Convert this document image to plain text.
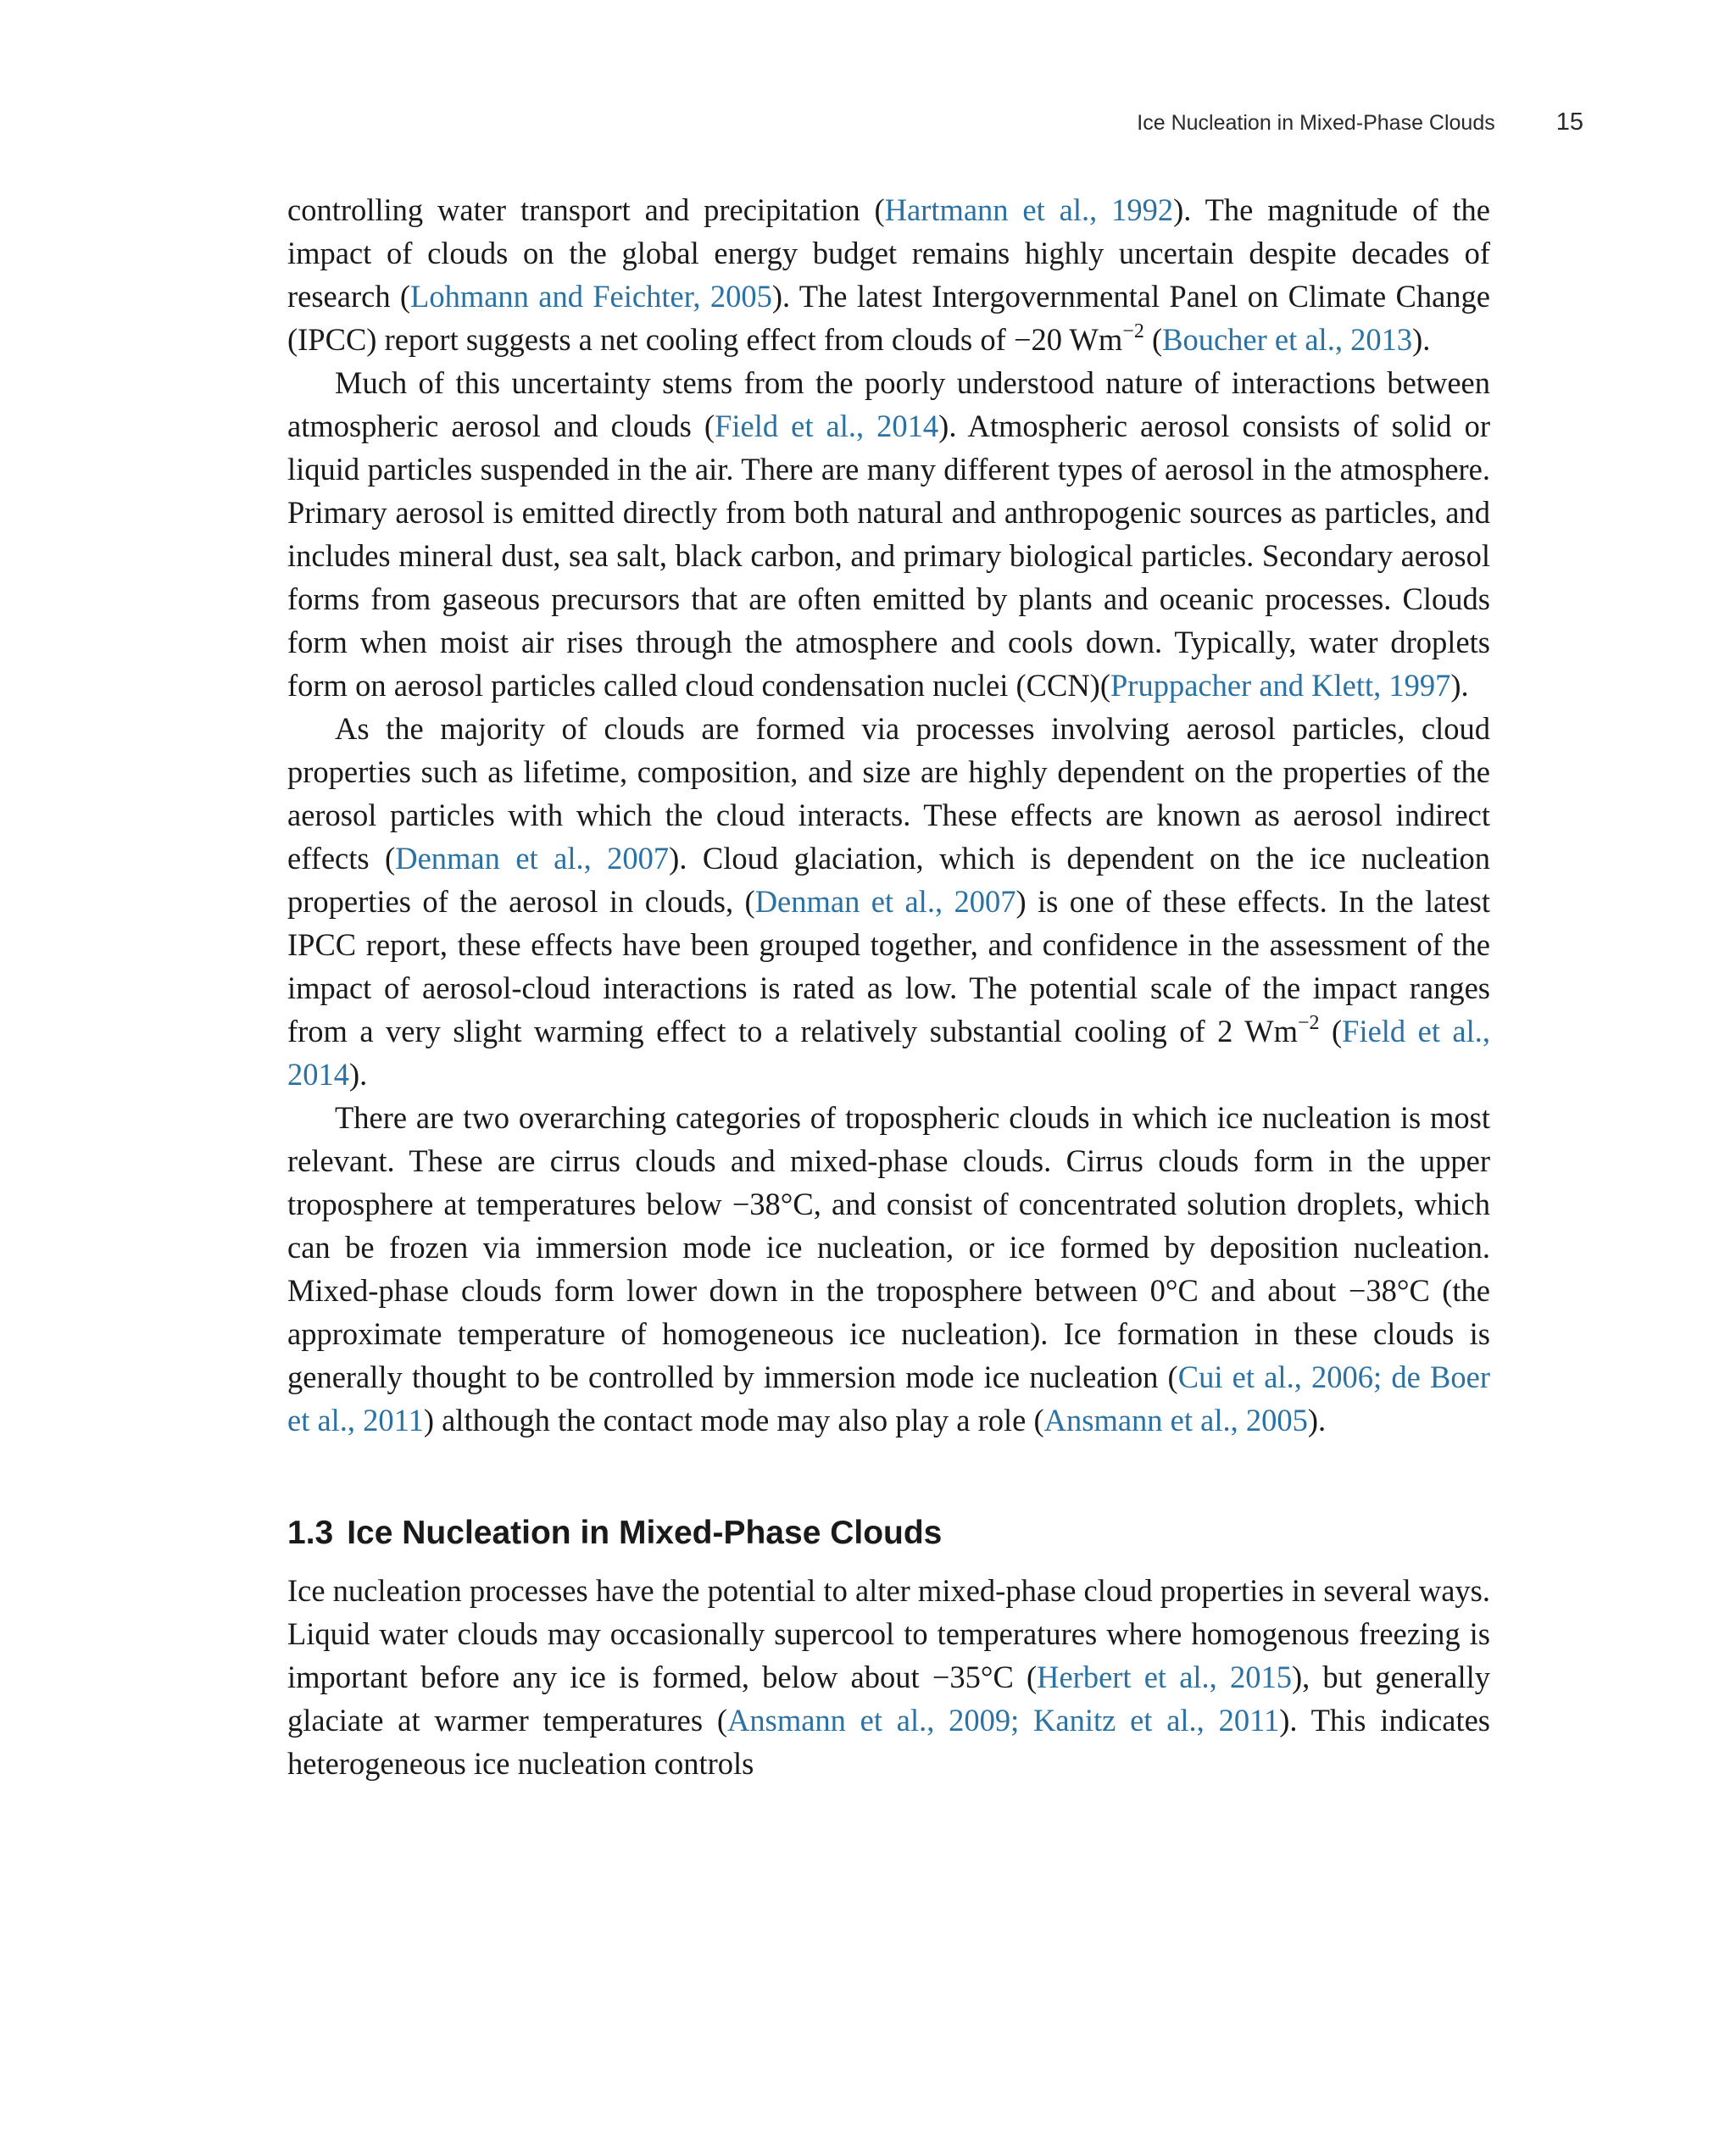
Ice Nucleation in Mixed-Phase Clouds 15

controlling water transport and precipitation (Hartmann et al., 1992). The magnitude of the impact of clouds on the global energy budget remains highly uncertain despite decades of research (Lohmann and Feichter, 2005). The latest Intergovernmental Panel on Climate Change (IPCC) report suggests a net cooling effect from clouds of −20 $Wm^{-2}$ (Boucher et al., 2013).

Much of this uncertainty stems from the poorly understood nature of interactions between atmospheric aerosol and clouds (Field et al., 2014). Atmospheric aerosol consists of solid or liquid particles suspended in the air. There are many different types of aerosol in the atmosphere. Primary aerosol is emitted directly from both natural and anthropogenic sources as particles, and includes mineral dust, sea salt, black carbon, and primary biological particles. Secondary aerosol forms from gaseous precursors that are often emitted by plants and oceanic processes. Clouds form when moist air rises through the atmosphere and cools down. Typically, water droplets form on aerosol particles called cloud condensation nuclei (CCN)(Pruppacher and Klett, 1997).

As the majority of clouds are formed via processes involving aerosol particles, cloud properties such as lifetime, composition, and size are highly dependent on the properties of the aerosol particles with which the cloud interacts. These effects are known as aerosol indirect effects (Denman et al., 2007). Cloud glaciation, which is dependent on the ice nucleation properties of the aerosol in clouds, (Denman et al., 2007) is one of these effects. In the latest IPCC report, these effects have been grouped together, and confidence in the assessment of the impact of aerosol-cloud interactions is rated as low. The potential scale of the impact ranges from a very slight warming effect to a relatively substantial cooling of 2 $Wm^{-2}$ (Field et al., 2014).

There are two overarching categories of tropospheric clouds in which ice nucleation is most relevant. These are cirrus clouds and mixed-phase clouds. Cirrus clouds form in the upper troposphere at temperatures below −38°C, and consist of concentrated solution droplets, which can be frozen via immersion mode ice nucleation, or ice formed by deposition nucleation. Mixed-phase clouds form lower down in the troposphere between 0°C and about −38°C (the approximate temperature of homogeneous ice nucleation). Ice formation in these clouds is generally thought to be controlled by immersion mode ice nucleation (Cui et al., 2006; de Boer et al., 2011) although the contact mode may also play a role (Ansmann et al., 2005).

1.3 Ice Nucleation in Mixed-Phase Clouds

Ice nucleation processes have the potential to alter mixed-phase cloud properties in several ways. Liquid water clouds may occasionally supercool to temperatures where homogenous freezing is important before any ice is formed, below about −35°C (Herbert et al., 2015), but generally glaciate at warmer temperatures (Ansmann et al., 2009; Kanitz et al., 2011). This indicates heterogeneous ice nucleation controls
